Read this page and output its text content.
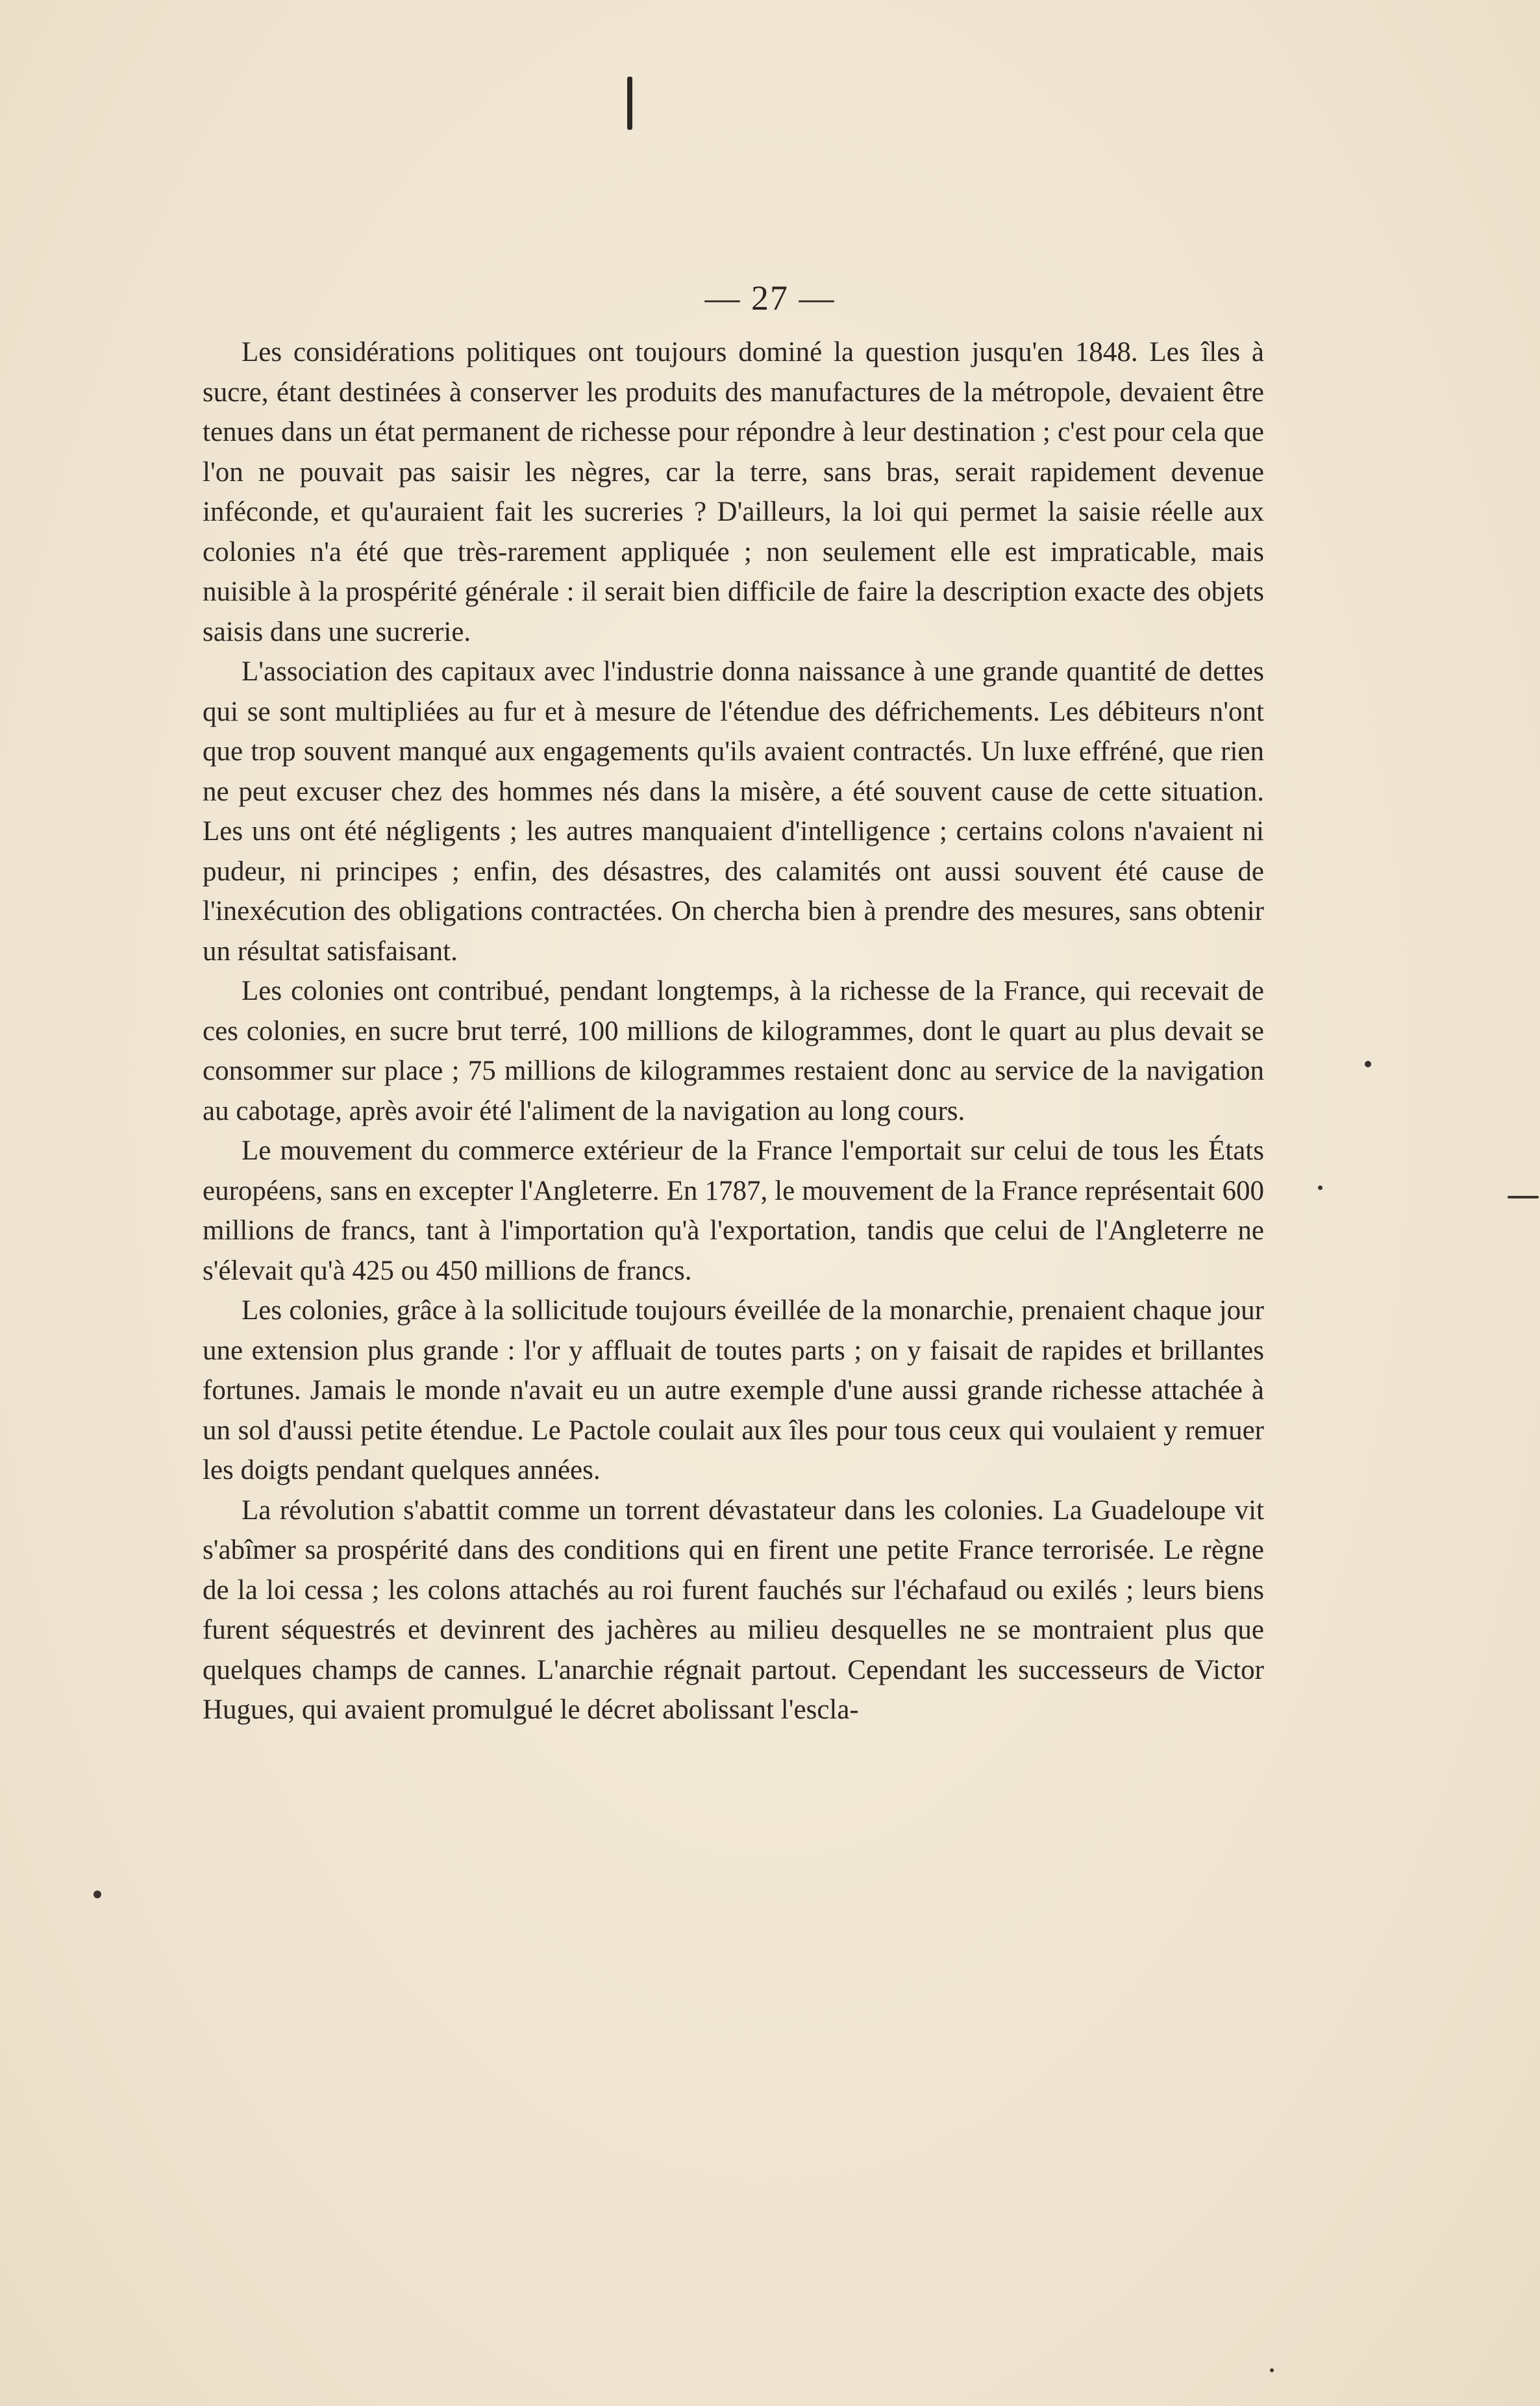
— 27 —

Les considérations politiques ont toujours dominé la question jusqu'en 1848. Les îles à sucre, étant destinées à conserver les produits des manufactures de la métropole, devaient être tenues dans un état permanent de richesse pour répondre à leur destination ; c'est pour cela que l'on ne pouvait pas saisir les nègres, car la terre, sans bras, serait rapidement devenue inféconde, et qu'auraient fait les sucreries ? D'ailleurs, la loi qui permet la saisie réelle aux colonies n'a été que très-rarement appliquée ; non seulement elle est impraticable, mais nuisible à la prospérité générale : il serait bien difficile de faire la description exacte des objets saisis dans une sucrerie.

L'association des capitaux avec l'industrie donna naissance à une grande quantité de dettes qui se sont multipliées au fur et à mesure de l'étendue des défrichements. Les débiteurs n'ont que trop souvent manqué aux engagements qu'ils avaient contractés. Un luxe effréné, que rien ne peut excuser chez des hommes nés dans la misère, a été souvent cause de cette situation. Les uns ont été négligents ; les autres manquaient d'intelligence ; certains colons n'avaient ni pudeur, ni principes ; enfin, des désastres, des calamités ont aussi souvent été cause de l'inexécution des obligations contractées. On chercha bien à prendre des mesures, sans obtenir un résultat satisfaisant.

Les colonies ont contribué, pendant longtemps, à la richesse de la France, qui recevait de ces colonies, en sucre brut terré, 100 millions de kilogrammes, dont le quart au plus devait se consommer sur place ; 75 millions de kilogrammes restaient donc au service de la navigation au cabotage, après avoir été l'aliment de la navigation au long cours.

Le mouvement du commerce extérieur de la France l'emportait sur celui de tous les États européens, sans en excepter l'Angleterre. En 1787, le mouvement de la France représentait 600 millions de francs, tant à l'importation qu'à l'exportation, tandis que celui de l'Angleterre ne s'élevait qu'à 425 ou 450 millions de francs.

Les colonies, grâce à la sollicitude toujours éveillée de la monarchie, prenaient chaque jour une extension plus grande : l'or y affluait de toutes parts ; on y faisait de rapides et brillantes fortunes. Jamais le monde n'avait eu un autre exemple d'une aussi grande richesse attachée à un sol d'aussi petite étendue. Le Pactole coulait aux îles pour tous ceux qui voulaient y remuer les doigts pendant quelques années.

La révolution s'abattit comme un torrent dévastateur dans les colonies. La Guadeloupe vit s'abîmer sa prospérité dans des conditions qui en firent une petite France terrorisée. Le règne de la loi cessa ; les colons attachés au roi furent fauchés sur l'échafaud ou exilés ; leurs biens furent séquestrés et devinrent des jachères au milieu desquelles ne se montraient plus que quelques champs de cannes. L'anarchie régnait partout. Cependant les successeurs de Victor Hugues, qui avaient promulgué le décret abolissant l'escla-
